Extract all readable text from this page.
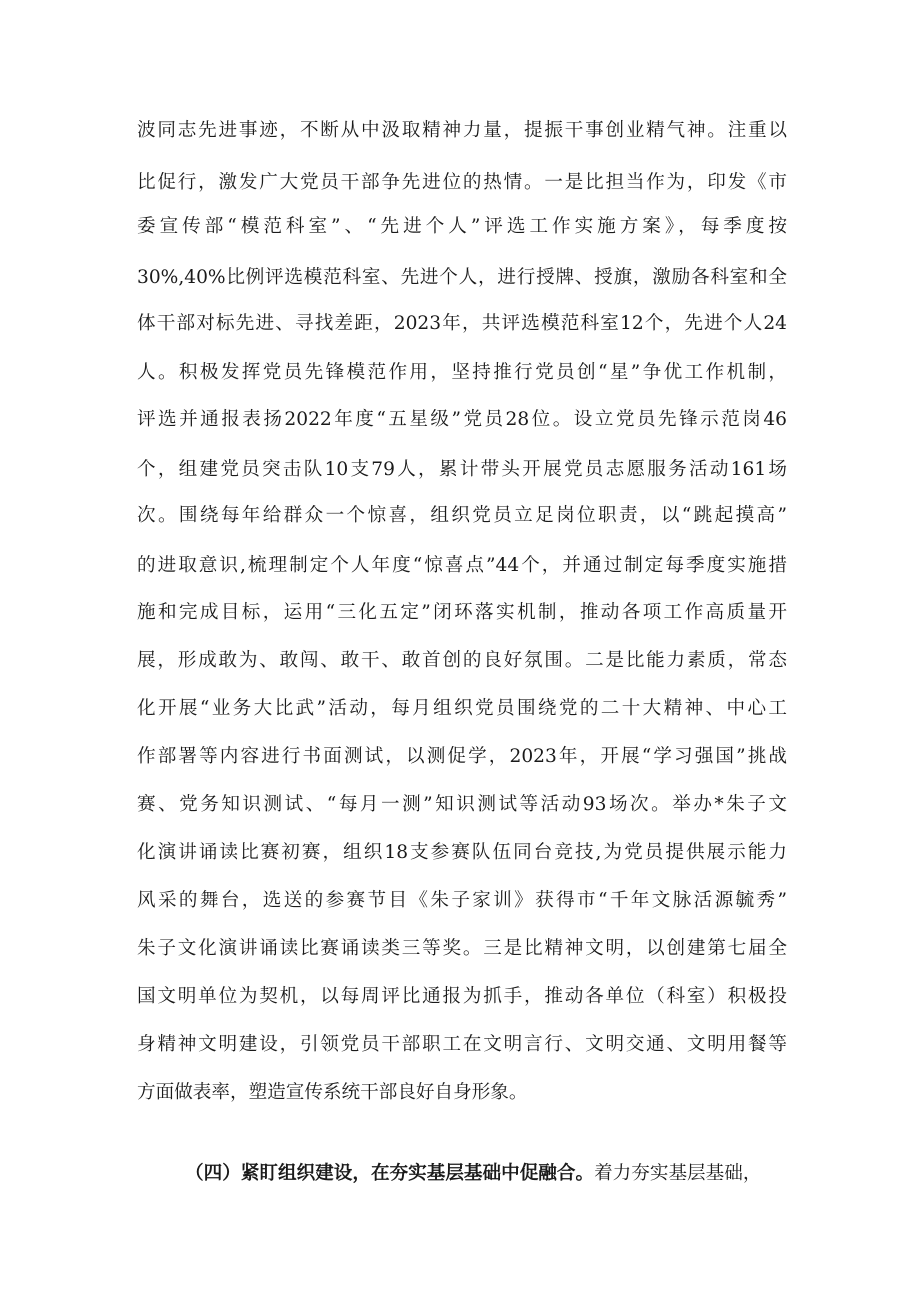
波同志先进事迹，不断从中汲取精神力量，提振干事创业精气神。注重以
比促行，激发广大党员干部争先进位的热情。一是比担当作为，印发《市
委宣传部“模范科室”、“先进个人”评选工作实施方案》，每季度按
30%,40%比例评选模范科室、先进个人，进行授牌、授旗，激励各科室和全
体干部对标先进、寻找差距，2023年，共评选模范科室12个，先进个人24
人。积极发挥党员先锋模范作用，坚持推行党员创“星”争优工作机制，
评选并通报表扬2022年度“五星级”党员28位。设立党员先锋示范岗46
个，组建党员突击队10支79人，累计带头开展党员志愿服务活动161场
次。围绕每年给群众一个惊喜，组织党员立足岗位职责，以“跳起摸高”
的进取意识,梳理制定个人年度“惊喜点”44个，并通过制定每季度实施措
施和完成目标，运用“三化五定”闭环落实机制，推动各项工作高质量开
展，形成敢为、敢闯、敢干、敢首创的良好氛围。二是比能力素质，常态
化开展“业务大比武”活动，每月组织党员围绕党的二十大精神、中心工
作部署等内容进行书面测试，以测促学，2023年，开展“学习强国”挑战
赛、党务知识测试、“每月一测”知识测试等活动93场次。举办*朱子文
化演讲诵读比赛初赛，组织18支参赛队伍同台竞技,为党员提供展示能力
风采的舞台，选送的参赛节目《朱子家训》获得市“千年文脉活源毓秀”
朱子文化演讲诵读比赛诵读类三等奖。三是比精神文明，以创建第七届全
国文明单位为契机，以每周评比通报为抓手，推动各单位（科室）积极投
身精神文明建设，引领党员干部职工在文明言行、文明交通、文明用餐等
方面做表率，塑造宣传系统干部良好自身形象。
（四）紧盯组织建设，在夯实基层基础中促融合。着力夯实基层基础，
